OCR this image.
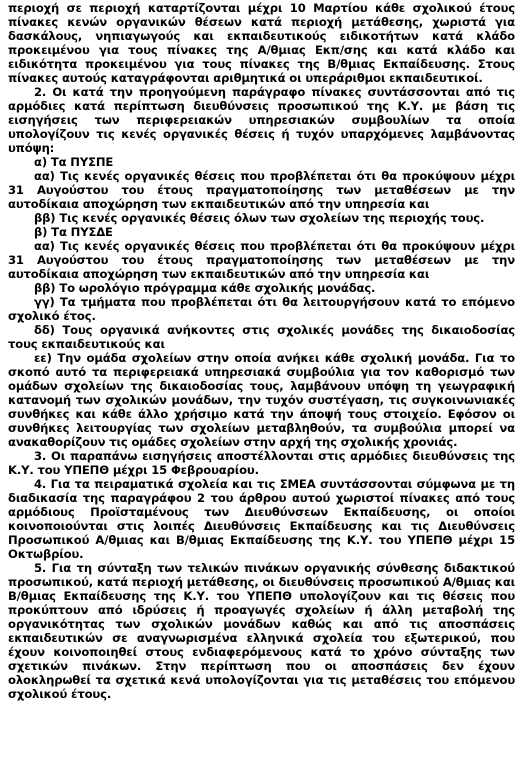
περιοχή σε περιοχή καταρτίζονται μέχρι 10 Μαρτίου κάθε σχολικού έτους πίνακες κενών οργανικών θέσεων κατά περιοχή μετάθεσης, χωριστά για δασκάλους, νηπιαγωγούς και εκπαιδευτικούς ειδικοτήτων κατά κλάδο προκειμένου για τους πίνακες της Α/θμιας Εκπ/σης και κατά κλάδο και ειδικότητα προκειμένου για τους πίνακες της Β/θμιας Εκπαίδευσης. Στους πίνακες αυτούς καταγράφονται αριθμητικά οι υπεράριθμοι εκπαιδευτικοί.

2. Οι κατά την προηγούμενη παράγραφο πίνακες συντάσσονται από τις αρμόδιες κατά περίπτωση διευθύνσεις προσωπικού της Κ.Υ. με βάση τις εισηγήσεις των περιφερειακών υπηρεσιακών συμβουλίων τα οποία υπολογίζουν τις κενές οργανικές θέσεις ή τυχόν υπαρχόμενες λαμβάνοντας υπόψη:

α) Τα ΠΥΣΠΕ

αα) Τις κενές οργανικές θέσεις που προβλέπεται ότι θα προκύψουν μέχρι 31 Αυγούστου του έτους πραγματοποίησης των μεταθέσεων με την αυτοδίκαια αποχώρηση των εκπαιδευτικών από την υπηρεσία και

ββ) Τις κενές οργανικές θέσεις όλων των σχολείων της περιοχής τους.

β) Τα ΠΥΣΔΕ

αα) Τις κενές οργανικές θέσεις που προβλέπεται ότι θα προκύψουν μέχρι 31 Αυγούστου του έτους πραγματοποίησης των μεταθέσεων με την αυτοδίκαια αποχώρηση των εκπαιδευτικών από την υπηρεσία και

ββ) Το ωρολόγιο πρόγραμμα κάθε σχολικής μονάδας.

γγ) Τα τμήματα που προβλέπεται ότι θα λειτουργήσουν κατά το επόμενο σχολικό έτος.

δδ) Τους οργανικά ανήκοντες στις σχολικές μονάδες της δικαιοδοσίας τους εκπαιδευτικούς και

εε) Την ομάδα σχολείων στην οποία ανήκει κάθε σχολική μονάδα. Για το σκοπό αυτό τα περιφερειακά υπηρεσιακά συμβούλια για τον καθορισμό των ομάδων σχολείων της δικαιοδοσίας τους, λαμβάνουν υπόψη τη γεωγραφική κατανομή των σχολικών μονάδων, την τυχόν συστέγαση, τις συγκοινωνιακές συνθήκες και κάθε άλλο χρήσιμο κατά την άποψή τους στοιχείο. Εφόσον οι συνθήκες λειτουργίας των σχολείων μεταβληθούν, τα συμβούλια μπορεί να ανακαθορίζουν τις ομάδες σχολείων στην αρχή της σχολικής χρονιάς.

3. Οι παραπάνω εισηγήσεις αποστέλλονται στις αρμόδιες διευθύνσεις της Κ.Υ. του ΥΠΕΠΘ μέχρι 15 Φεβρουαρίου.

4. Για τα πειραματικά σχολεία και τις ΣΜΕΑ συντάσσονται σύμφωνα με τη διαδικασία της παραγράφου 2 του άρθρου αυτού χωριστοί πίνακες από τους αρμόδιους Προϊσταμένους των Διευθύνσεων Εκπαίδευσης, οι οποίοι κοινοποιούνται στις λοιπές Διευθύνσεις Εκπαίδευσης και τις Διευθύνσεις Προσωπικού Α/θμιας και Β/θμιας Εκπαίδευσης της Κ.Υ. του ΥΠΕΠΘ μέχρι 15 Οκτωβρίου.

5. Για τη σύνταξη των τελικών πινάκων οργανικής σύνθεσης διδακτικού προσωπικού, κατά περιοχή μετάθεσης, οι διευθύνσεις προσωπικού Α/θμιας και Β/θμιας Εκπαίδευσης της Κ.Υ. του ΥΠΕΠΘ υπολογίζουν και τις θέσεις που προκύπτουν από ιδρύσεις ή προαγωγές σχολείων ή άλλη μεταβολή της οργανικότητας των σχολικών μονάδων καθώς και από τις αποσπάσεις εκπαιδευτικών σε αναγνωρισμένα ελληνικά σχολεία του εξωτερικού, που έχουν κοινοποιηθεί στους ενδιαφερόμενους κατά το χρόνο σύνταξης των σχετικών πινάκων. Στην περίπτωση που οι αποσπάσεις δεν έχουν ολοκληρωθεί τα σχετικά κενά υπολογίζονται για τις μεταθέσεις του επόμενου σχολικού έτους.
